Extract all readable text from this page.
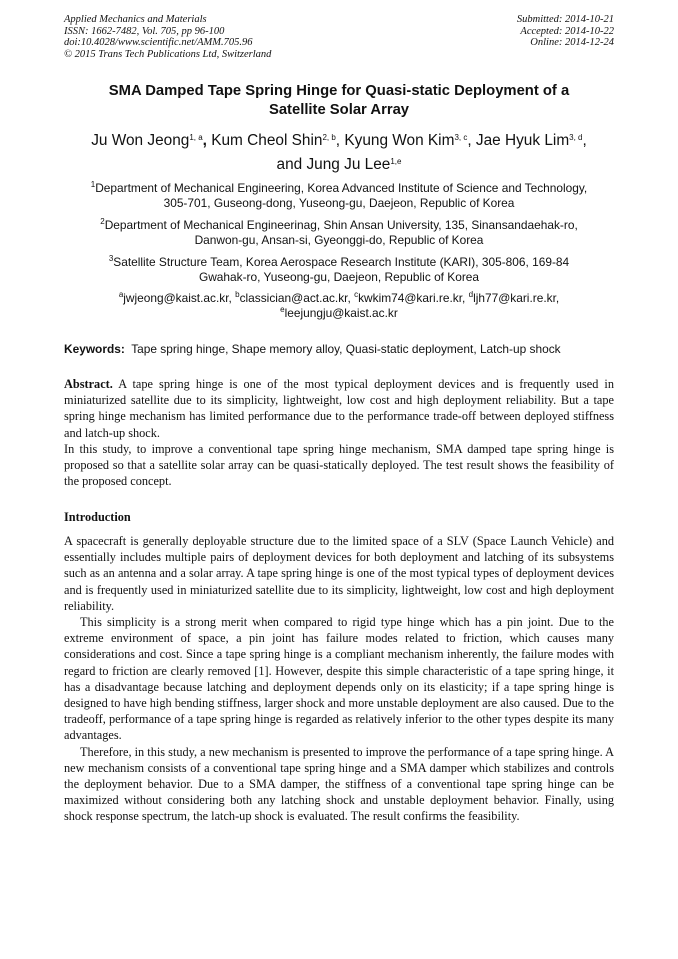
Applied Mechanics and Materials
ISSN: 1662-7482, Vol. 705, pp 96-100
doi:10.4028/www.scientific.net/AMM.705.96
© 2015 Trans Tech Publications Ltd, Switzerland
Submitted: 2014-10-21
Accepted: 2014-10-22
Online: 2014-12-24
SMA Damped Tape Spring Hinge for Quasi-static Deployment of a
Satellite Solar Array
Ju Won Jeong$^{1, a}$, Kum Cheol Shin$^{2, b}$, Kyung Won Kim$^{3, c}$, Jae Hyuk Lim$^{3, d}$,
and Jung Ju Lee$^{1,e}$
$^1$Department of Mechanical Engineering, Korea Advanced Institute of Science and Technology,
305-701, Guseong-dong, Yuseong-gu, Daejeon, Republic of Korea
$^2$Department of Mechanical Engineerinag, Shin Ansan University, 135, Sinansandaehak-ro,
Danwon-gu, Ansan-si, Gyeonggi-do, Republic of Korea
$^3$Satellite Structure Team, Korea Aerospace Research Institute (KARI), 305-806, 169-84
Gwahak-ro, Yuseong-gu, Daejeon, Republic of Korea
$^a$jwjeong@kaist.ac.kr, $^b$classician@act.ac.kr, $^c$kwkim74@kari.re.kr, $^d$ljh77@kari.re.kr,
$^e$leejungju@kaist.ac.kr
Keywords: Tape spring hinge, Shape memory alloy, Quasi-static deployment, Latch-up shock

Abstract. A tape spring hinge is one of the most typical deployment devices and is frequently used in miniaturized satellite due to its simplicity, lightweight, low cost and high deployment reliability. But a tape spring hinge mechanism has limited performance due to the performance trade-off between deployed stiffness and latch-up shock.

In this study, to improve a conventional tape spring hinge mechanism, SMA damped tape spring hinge is proposed so that a satellite solar array can be quasi-statically deployed. The test result shows the feasibility of the proposed concept.

Introduction

A spacecraft is generally deployable structure due to the limited space of a SLV (Space Launch Vehicle) and essentially includes multiple pairs of deployment devices for both deployment and latching of its subsystems such as an antenna and a solar array. A tape spring hinge is one of the most typical types of deployment devices and is frequently used in miniaturized satellite due to its simplicity, lightweight, low cost and high deployment reliability.

This simplicity is a strong merit when compared to rigid type hinge which has a pin joint. Due to the extreme environment of space, a pin joint has failure modes related to friction, which causes many considerations and cost. Since a tape spring hinge is a compliant mechanism inherently, the failure modes with regard to friction are clearly removed [1]. However, despite this simple characteristic of a tape spring hinge, it has a disadvantage because latching and deployment depends only on its elasticity; if a tape spring hinge is designed to have high bending stiffness, larger shock and more unstable deployment are also caused. Due to the tradeoff, performance of a tape spring hinge is regarded as relatively inferior to the other types despite its many advantages.

Therefore, in this study, a new mechanism is presented to improve the performance of a tape spring hinge. A new mechanism consists of a conventional tape spring hinge and a SMA damper which stabilizes and controls the deployment behavior. Due to a SMA damper, the stiffness of a conventional tape spring hinge can be maximized without considering both any latching shock and unstable deployment behavior. Finally, using shock response spectrum, the latch-up shock is evaluated. The result confirms the feasibility.
